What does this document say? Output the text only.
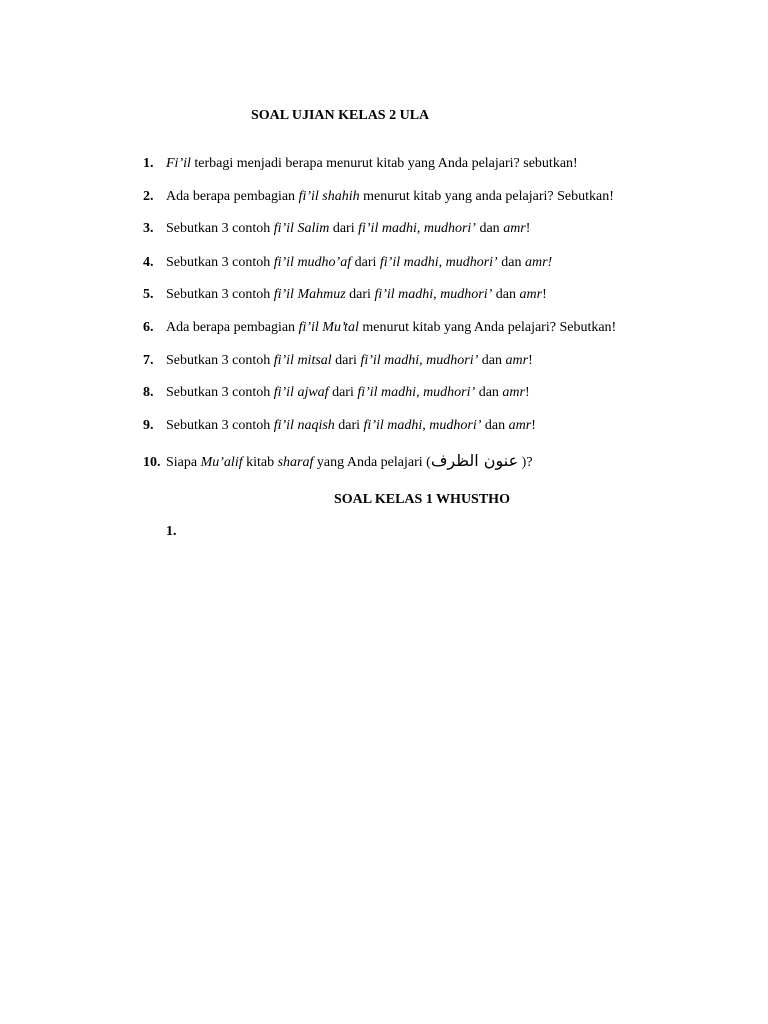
SOAL UJIAN KELAS 2 ULA
1. Fi’il terbagi menjadi berapa menurut kitab yang Anda pelajari? sebutkan!
2. Ada berapa pembagian fi’il shahih menurut kitab yang anda pelajari? Sebutkan!
3. Sebutkan 3 contoh fi’il Salim dari fi’il madhi, mudhori’ dan amr!
4. Sebutkan 3 contoh fi’il mudho’af dari fi’il madhi, mudhori’ dan amr!
5. Sebutkan 3 contoh fi’il Mahmuz dari fi’il madhi, mudhori’ dan amr!
6. Ada berapa pembagian fi’il Mu’tal menurut kitab yang Anda pelajari? Sebutkan!
7. Sebutkan 3 contoh fi’il mitsal dari fi’il madhi, mudhori’ dan amr!
8. Sebutkan 3 contoh fi’il ajwaf dari fi’il madhi, mudhori’ dan amr!
9. Sebutkan 3 contoh fi’il naqish dari fi’il madhi, mudhori’ dan amr!
10. Siapa Mu’alif kitab sharaf yang Anda pelajari (عنون الظرف )?
SOAL KELAS 1 WHUSTHO
1.
